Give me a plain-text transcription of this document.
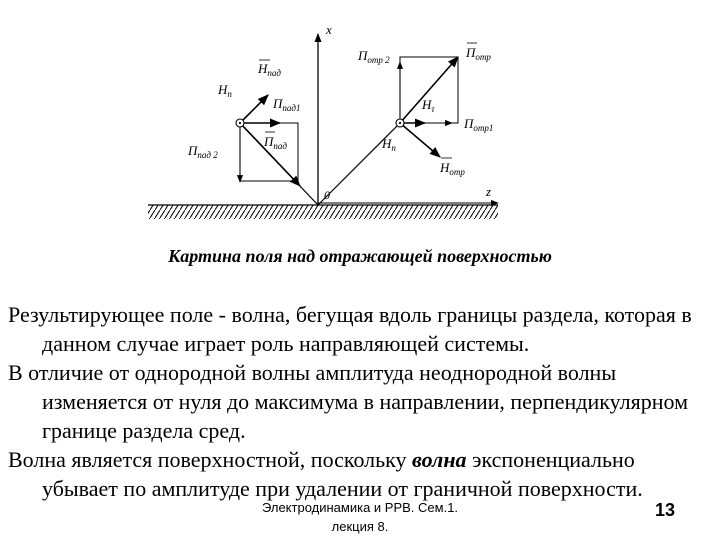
x
z
0
$H_{пад}$
$H_n$
$П_{пад1}$
$П_{пад}$
$П_{пад 2}$
$П_{отр 2}$	$П_{отр}$
$H_\tau$
$П_{отр1}$
$H_n$
$H_{отр}$
Картина поля над отражающей поверхностью

Результирующее поле - волна, бегущая вдоль границы раздела, которая в данном случае играет роль направляющей системы.

В отличие от однородной волны амплитуда неоднородной волны изменяется от нуля до максимума в направлении, перпендикулярном границе раздела сред.

Волна является поверхностной, поскольку волна экспоненциально убывает по амплитуде при удалении от граничной поверхности.

Электродинамика и РРВ. Сем.1.
лекция 8.
13
